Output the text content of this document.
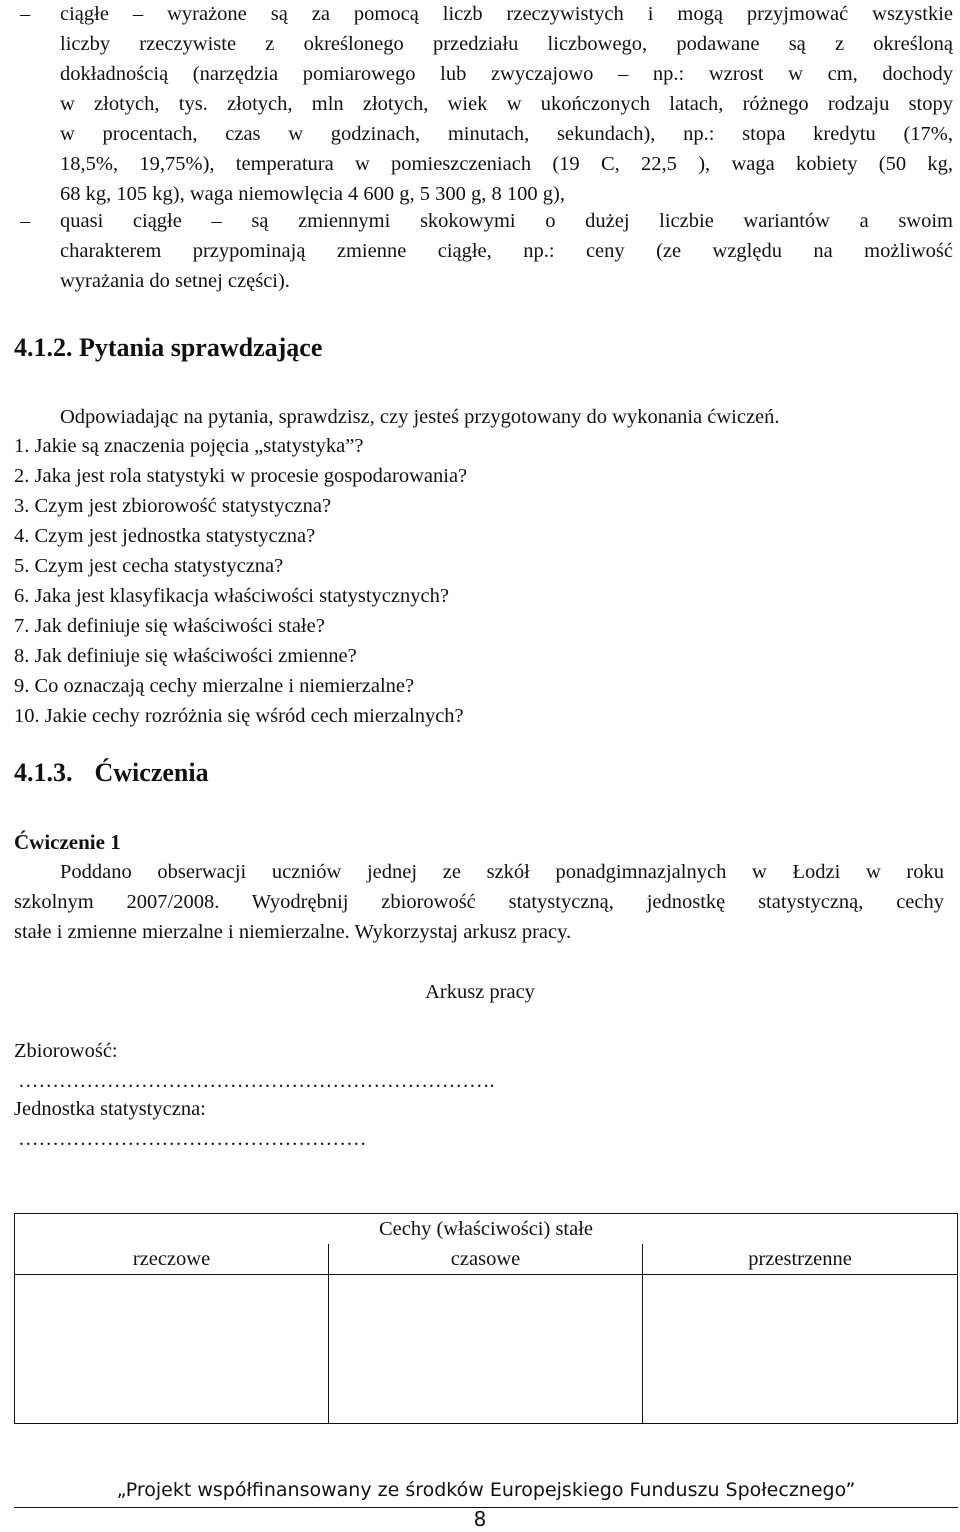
– ciągłe – wyrażone są za pomocą liczb rzeczywistych i mogą przyjmować wszystkie
liczby rzeczywiste z określonego przedziału liczbowego, podawane są z określoną
dokładnością (narzędzia pomiarowego lub zwyczajowo – np.: wzrost w cm, dochody
w złotych, tys. złotych, mln złotych, wiek w ukończonych latach, różnego rodzaju stopy
w procentach, czas w godzinach, minutach, sekundach), np.: stopa kredytu (17%,
18,5%, 19,75%), temperatura w pomieszczeniach (19 C, 22,5 ), waga kobiety (50 kg,
68 kg, 105 kg), waga niemowlęcia 4 600 g, 5 300 g, 8 100 g),
– quasi ciągłe – są zmiennymi skokowymi o dużej liczbie wariantów a swoim
charakterem przypominają zmienne ciągłe, np.: ceny (ze względu na możliwość
wyrażania do setnej części).
4.1.2. Pytania sprawdzające
Odpowiadając na pytania, sprawdzisz, czy jesteś przygotowany do wykonania ćwiczeń.
1. Jakie są znaczenia pojęcia „statystyka”?
2. Jaka jest rola statystyki w procesie gospodarowania?
3. Czym jest zbiorowość statystyczna?
4. Czym jest jednostka statystyczna?
5. Czym jest cecha statystyczna?
6. Jaka jest klasyfikacja właściwości statystycznych?
7. Jak definiuje się właściwości stałe?
8. Jak definiuje się właściwości zmienne?
9. Co oznaczają cechy mierzalne i niemierzalne?
10. Jakie cechy rozróżnia się wśród cech mierzalnych?
4.1.3. Ćwiczenia
Ćwiczenie 1
Poddano obserwacji uczniów jednej ze szkół ponadgimnazjalnych w Łodzi w roku
szkolnym 2007/2008. Wyodrębnij zbiorowość statystyczną, jednostkę statystyczną, cechy
stałe i zmienne mierzalne i niemierzalne. Wykorzystaj arkusz pracy.
Arkusz pracy
Zbiorowość:
…………………………………………………………….
Jednostka statystyczna:
……………………………………………
Cechy (właściwości) stałe		
rzeczowe	czasowe	przestrzenne

„Projekt współfinansowany ze środków Europejskiego Funduszu Społecznego”
8
